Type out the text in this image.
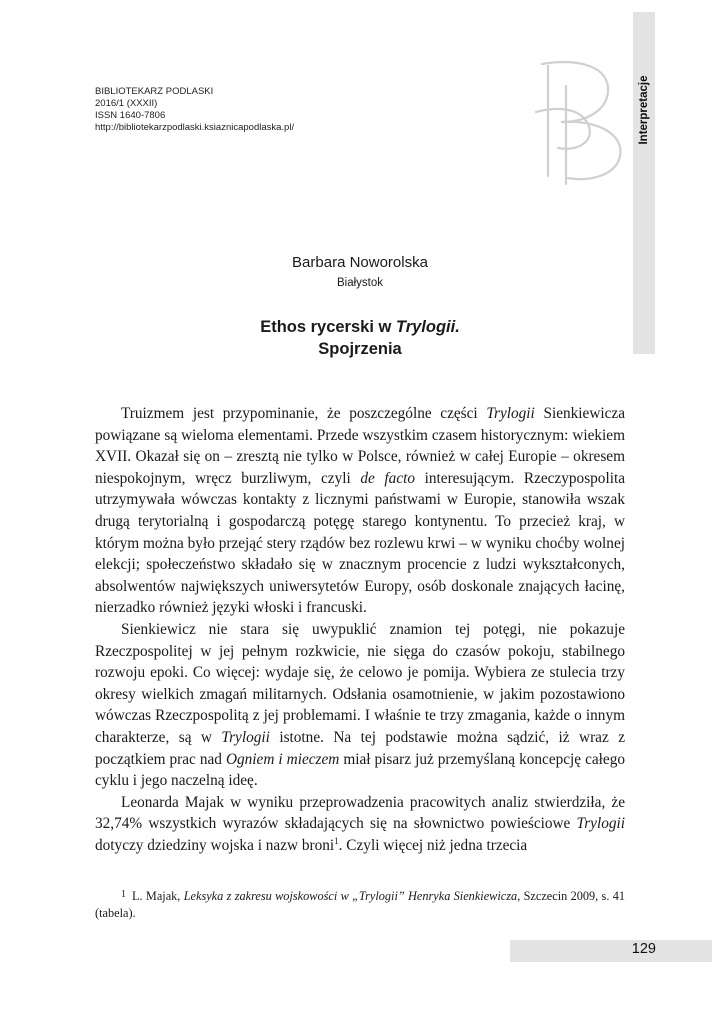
BIBLIOTEKARZ PODLASKI
2016/1 (XXXII)
ISSN 1640-7806
http://bibliotekarzpodlaski.ksiaznicapodlaska.pl/	Interpretacje
Barbara Noworolska
Białystok
Ethos rycerski w Trylogii.
Spojrzenia

Truizmem jest przypominanie, że poszczególne części Trylogii Sienkiewicza powiązane są wieloma elementami. Przede wszystkim czasem historycznym: wiekiem XVII. Okazał się on – zresztą nie tylko w Polsce, również w całej Europie – okresem niespokojnym, wręcz burzliwym, czyli de facto interesującym. Rzeczypospolita utrzymywała wówczas kontakty z licznymi państwami w Europie, stanowiła wszak drugą terytorialną i gospodarczą potęgę starego kontynentu. To przecież kraj, w którym można było przejąć stery rządów bez rozlewu krwi – w wyniku choćby wolnej elekcji; społeczeństwo składało się w znacznym procencie z ludzi wykształconych, absolwentów największych uniwersytetów Europy, osób doskonale znających łacinę, nierzadko również języki włoski i francuski.

Sienkiewicz nie stara się uwypuklić znamion tej potęgi, nie pokazuje Rzeczpospolitej w jej pełnym rozkwicie, nie sięga do czasów pokoju, stabilnego rozwoju epoki. Co więcej: wydaje się, że celowo je pomija. Wybiera ze stulecia trzy okresy wielkich zmagań militarnych. Odsłania osamotnienie, w jakim pozostawiono wówczas Rzeczpospolitą z jej problemami. I właśnie te trzy zmagania, każde o innym charakterze, są w Trylogii istotne. Na tej podstawie można sądzić, iż wraz z początkiem prac nad Ogniem i mieczem miał pisarz już przemyślaną koncepcję całego cyklu i jego naczelną ideę.

Leonarda Majak w wyniku przeprowadzenia pracowitych analiz stwierdziła, że 32,74% wszystkich wyrazów składających się na słownictwo powieściowe Trylogii dotyczy dziedziny wojska i nazw broni$^1$. Czyli więcej niż jedna trzecia

$^1$ L. Majak, Leksyka z zakresu wojskowości w „Trylogii” Henryka Sienkiewicza, Szczecin 2009, s. 41 (tabela).
129
